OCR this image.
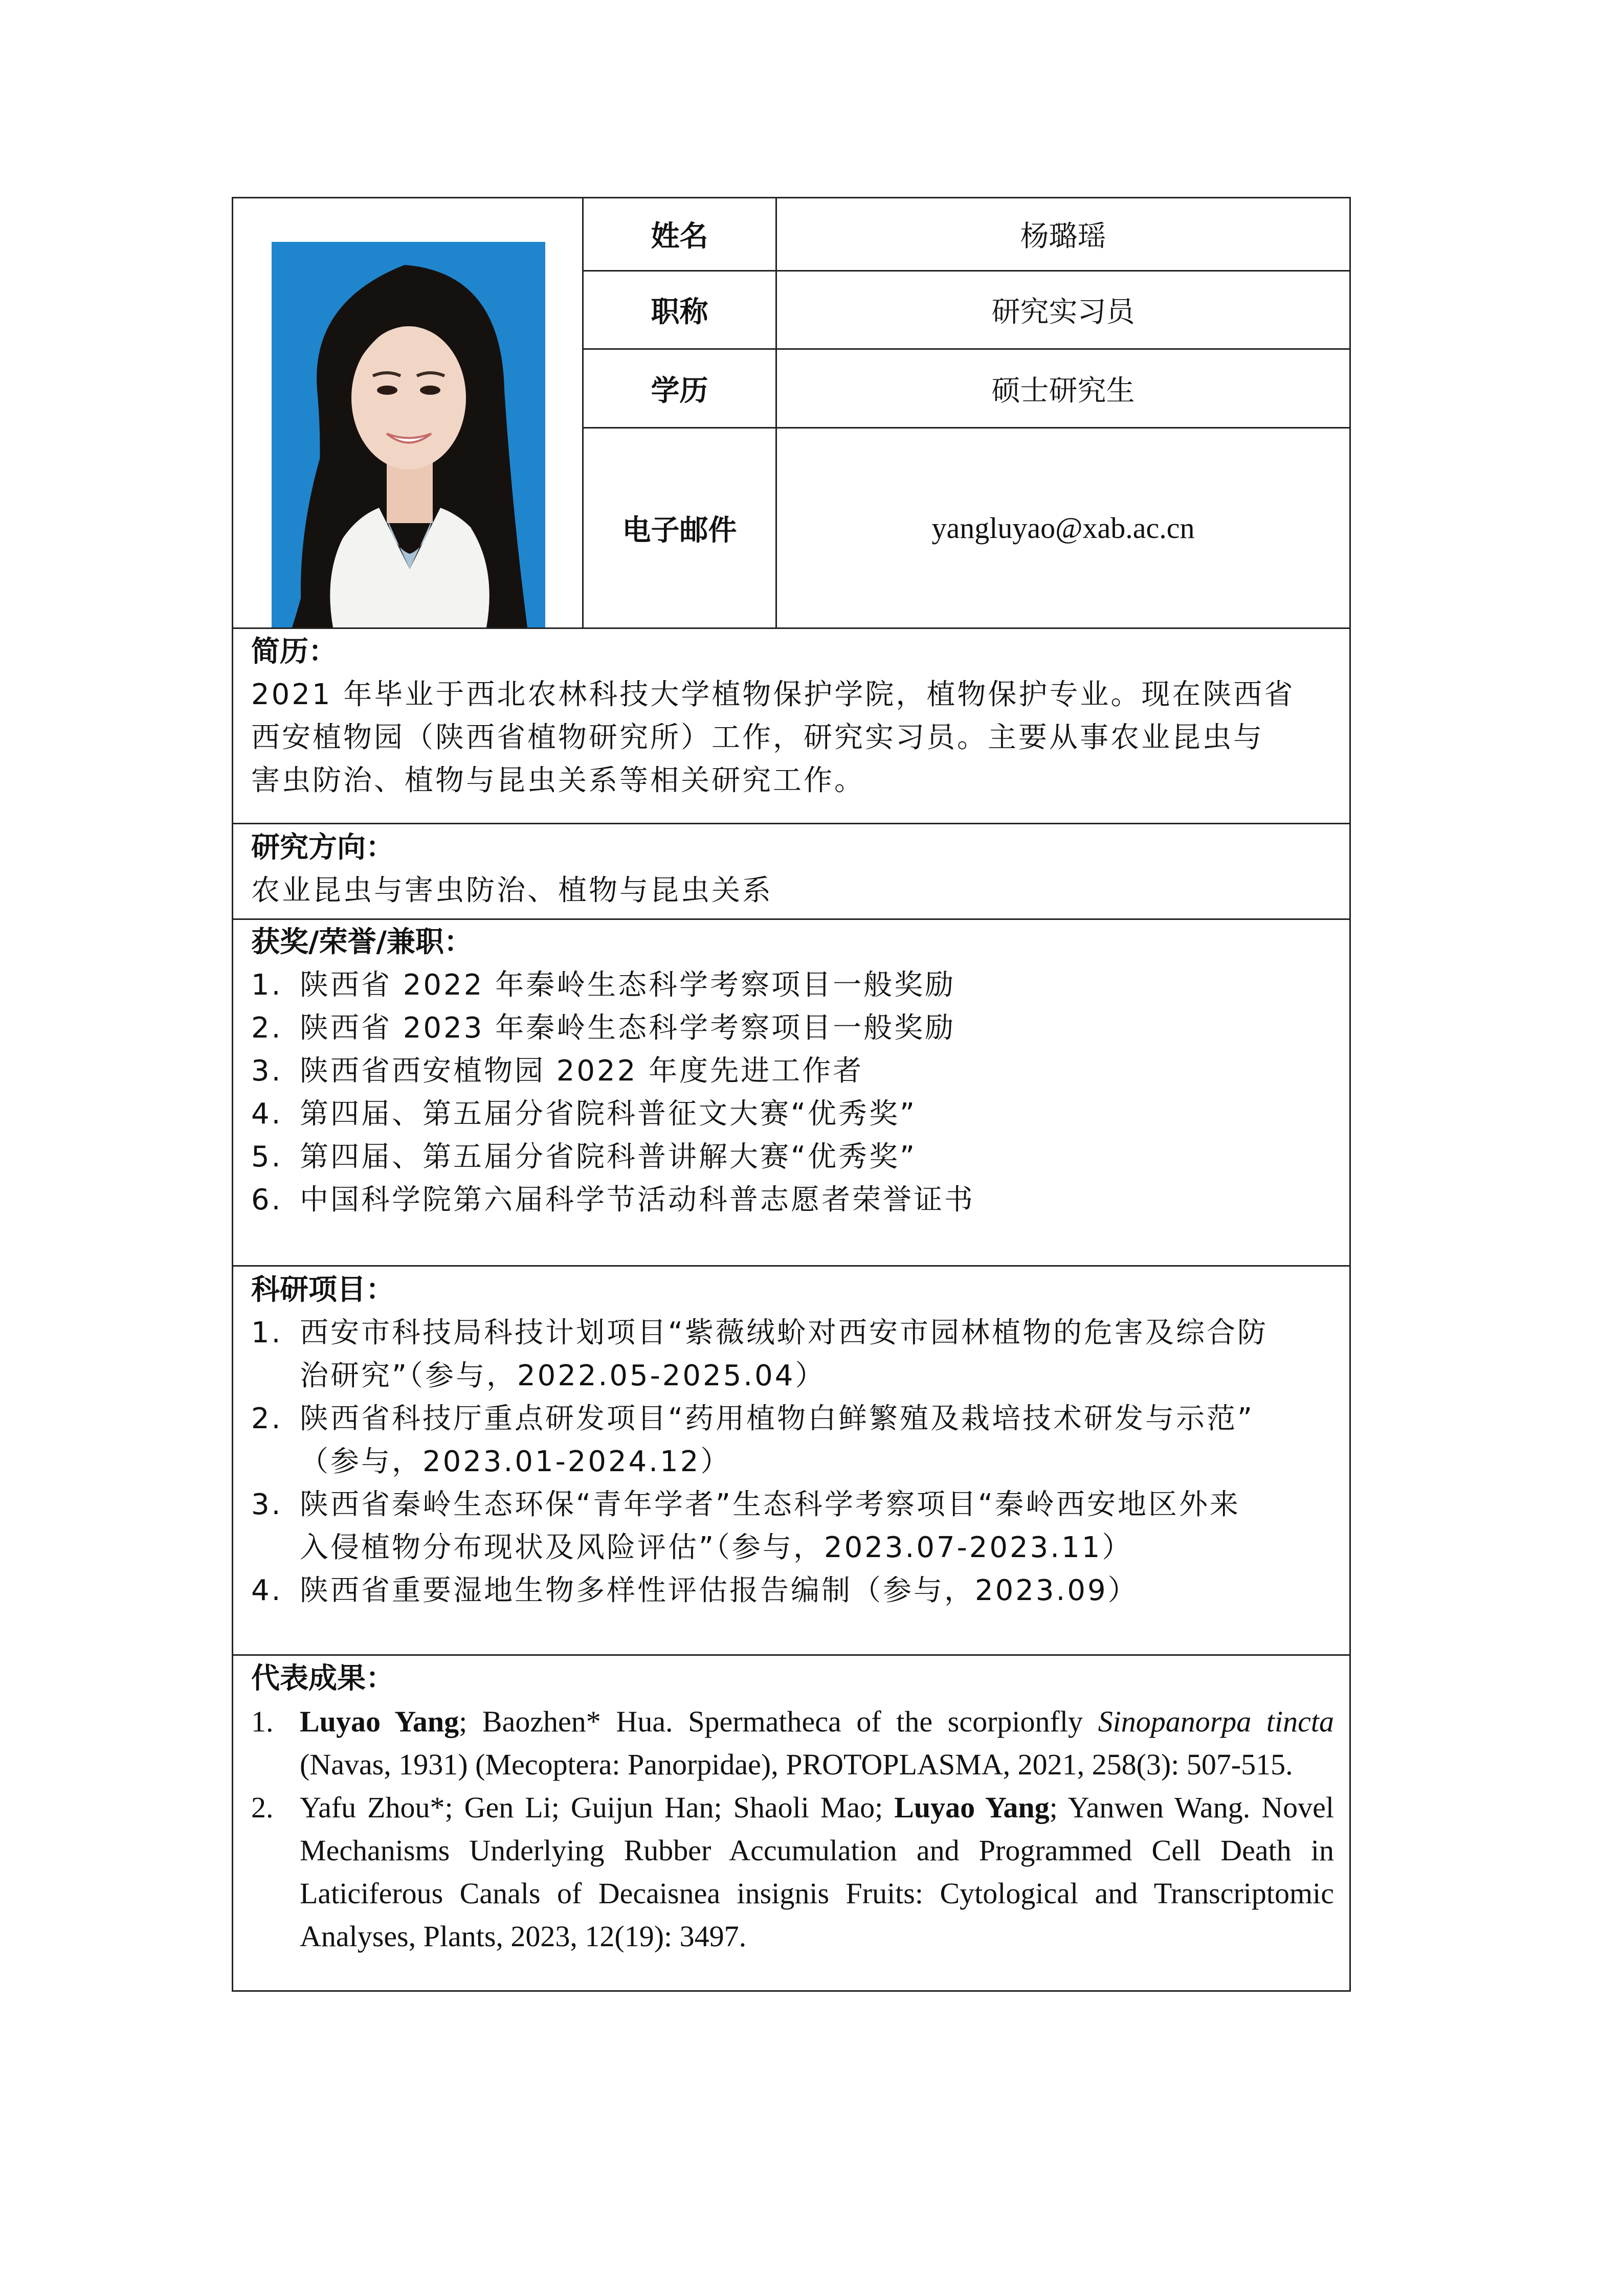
姓名	杨璐瑶
职称	研究实习员
学历	硕士研究生
电子邮件	yangluyao@xab.ac.cn
简历：
2021 年毕业于西北农林科技大学植物保护学院，植物保护专业。现在陕西省
西安植物园（陕西省植物研究所）工作，研究实习员。主要从事农业昆虫与
害虫防治、植物与昆虫关系等相关研究工作。
研究方向：
农业昆虫与害虫防治、植物与昆虫关系
获奖/荣誉/兼职：
1. 陕西省 2022 年秦岭生态科学考察项目一般奖励
2. 陕西省 2023 年秦岭生态科学考察项目一般奖励
3. 陕西省西安植物园 2022 年度先进工作者
4. 第四届、第五届分省院科普征文大赛“优秀奖”
5. 第四届、第五届分省院科普讲解大赛“优秀奖”
6. 中国科学院第六届科学节活动科普志愿者荣誉证书
科研项目：
1. 西安市科技局科技计划项目“紫薇绒蚧对西安市园林植物的危害及综合防
治研究”（参与，2022.05-2025.04）
2. 陕西省科技厅重点研发项目“药用植物白鲜繁殖及栽培技术研发与示范”
（参与，2023.01-2024.12）
3. 陕西省秦岭生态环保“青年学者”生态科学考察项目“秦岭西安地区外来
入侵植物分布现状及风险评估”（参与，2023.07-2023.11）
4. 陕西省重要湿地生物多样性评估报告编制（参与，2023.09）
代表成果：
1. Luyao Yang; Baozhen* Hua. Spermatheca of the scorpionfly Sinopanorpa tincta (Navas, 1931) (Mecoptera: Panorpidae), PROTOPLASMA, 2021, 258(3): 507-515.
2. Yafu Zhou*; Gen Li; Guijun Han; Shaoli Mao; Luyao Yang; Yanwen Wang. Novel Mechanisms Underlying Rubber Accumulation and Programmed Cell Death in Laticiferous Canals of Decaisnea insignis Fruits: Cytological and Transcriptomic Analyses, Plants, 2023, 12(19): 3497.
